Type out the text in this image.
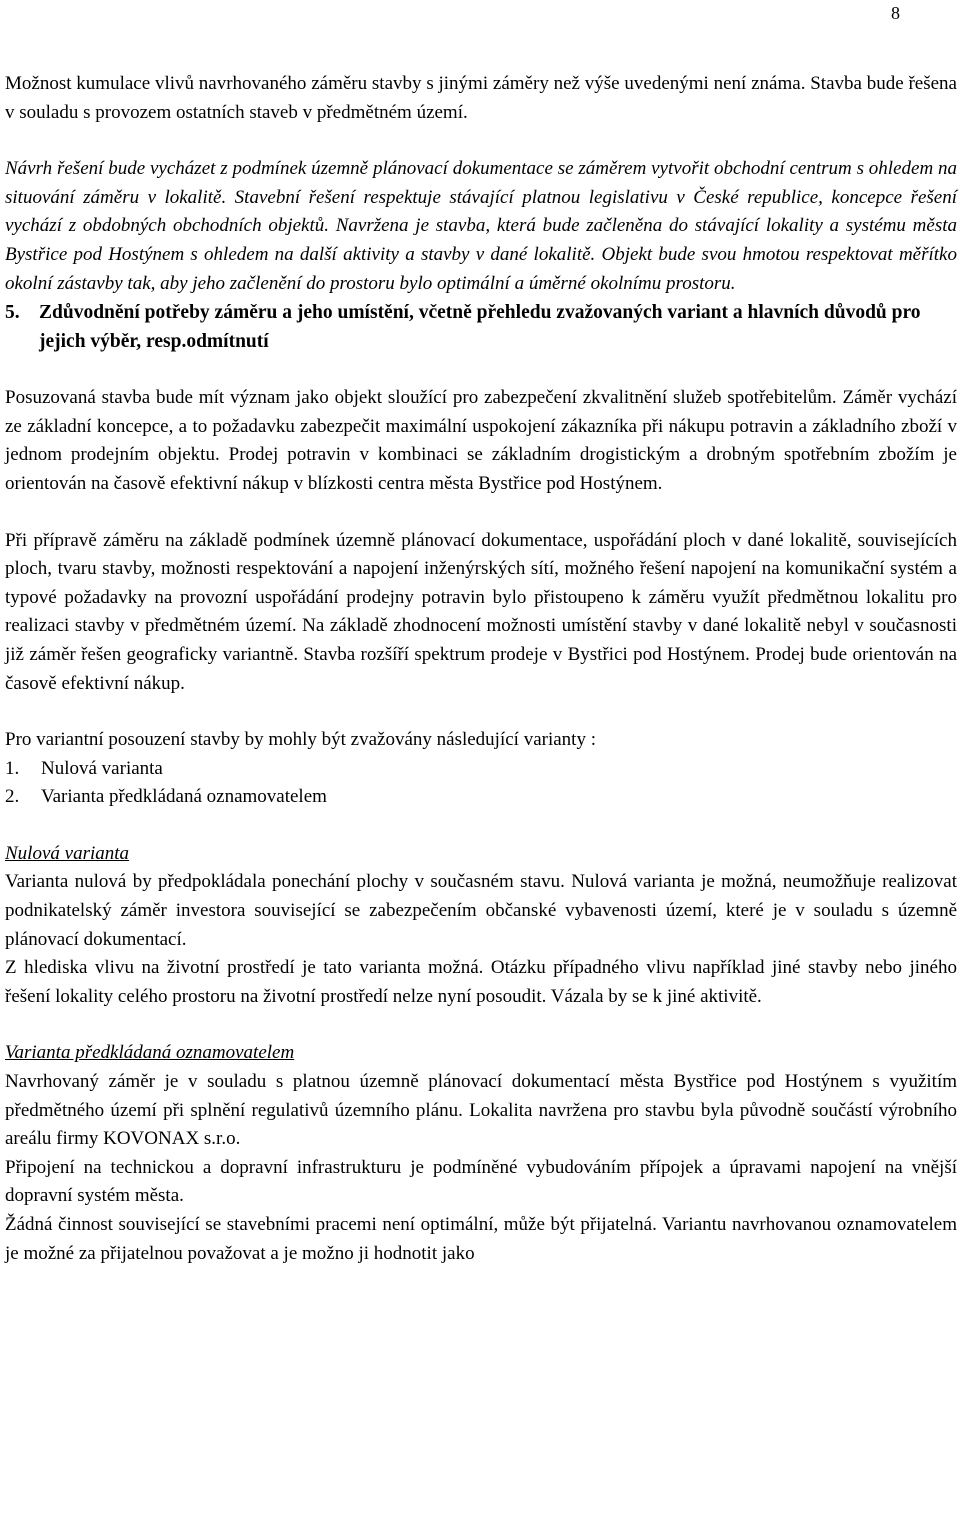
8

Možnost kumulace vlivů navrhovaného záměru stavby s jinými záměry než výše uvedenými není známa. Stavba bude řešena v souladu s provozem ostatních staveb v předmětném území.

Návrh řešení bude vycházet z podmínek územně plánovací dokumentace se záměrem vytvořit obchodní centrum s ohledem na situování záměru v lokalitě. Stavební řešení respektuje stávající platnou legislativu v České republice, koncepce řešení vychází z obdobných obchodních objektů. Navržena je stavba, která bude začleněna do stávající lokality a systému města Bystřice pod Hostýnem s ohledem na další aktivity a stavby v dané lokalitě. Objekt bude svou hmotou respektovat měřítko okolní zástavby tak, aby jeho začlenění do prostoru bylo optimální a úměrné okolnímu prostoru.

5. Zdůvodnění potřeby záměru a jeho umístění, včetně přehledu zvažovaných variant a hlavních důvodů pro jejich výběr, resp.odmítnutí

Posuzovaná stavba bude mít význam jako objekt sloužící pro zabezpečení zkvalitnění služeb spotřebitelům. Záměr vychází ze základní koncepce, a to požadavku zabezpečit maximální uspokojení zákazníka při nákupu potravin a základního zboží v jednom prodejním objektu. Prodej potravin v kombinaci se základním drogistickým a drobným spotřebním zbožím je orientován na časově efektivní nákup v blízkosti centra města Bystřice pod Hostýnem.

Při přípravě záměru na základě podmínek územně plánovací dokumentace, uspořádání ploch v dané lokalitě, souvisejících ploch, tvaru stavby, možnosti respektování a napojení inženýrských sítí, možného řešení napojení na komunikační systém a typové požadavky na provozní uspořádání prodejny potravin bylo přistoupeno k záměru využít předmětnou lokalitu pro realizaci stavby v předmětném území. Na základě zhodnocení možnosti umístění stavby v dané lokalitě nebyl v současnosti již záměr řešen geograficky variantně. Stavba rozšíří spektrum prodeje v Bystřici pod Hostýnem. Prodej bude orientován na časově efektivní nákup.

Pro variantní posouzení stavby by mohly být zvažovány následující varianty :

1.	Nulová varianta
2.	Varianta předkládaná oznamovatelem

Nulová varianta

Varianta nulová by předpokládala ponechání plochy v současném stavu. Nulová varianta je možná, neumožňuje realizovat podnikatelský záměr investora související se zabezpečením občanské vybavenosti území, které je v souladu s územně plánovací dokumentací.

Z hlediska vlivu na životní prostředí je tato varianta možná. Otázku případného vlivu například jiné stavby nebo jiného řešení lokality celého prostoru na životní prostředí nelze nyní posoudit. Vázala by se k jiné aktivitě.

Varianta předkládaná oznamovatelem

Navrhovaný záměr je v souladu s platnou územně plánovací dokumentací města Bystřice pod Hostýnem s využitím předmětného území při splnění regulativů územního plánu. Lokalita navržena pro stavbu byla původně součástí výrobního areálu firmy KOVONAX s.r.o.

Připojení na technickou a dopravní infrastrukturu je podmíněné vybudováním přípojek a úpravami napojení na vnější dopravní systém města.

Žádná činnost související se stavebními pracemi není optimální, může být přijatelná. Variantu navrhovanou oznamovatelem je možné za přijatelnou považovat a je možno ji hodnotit jako
